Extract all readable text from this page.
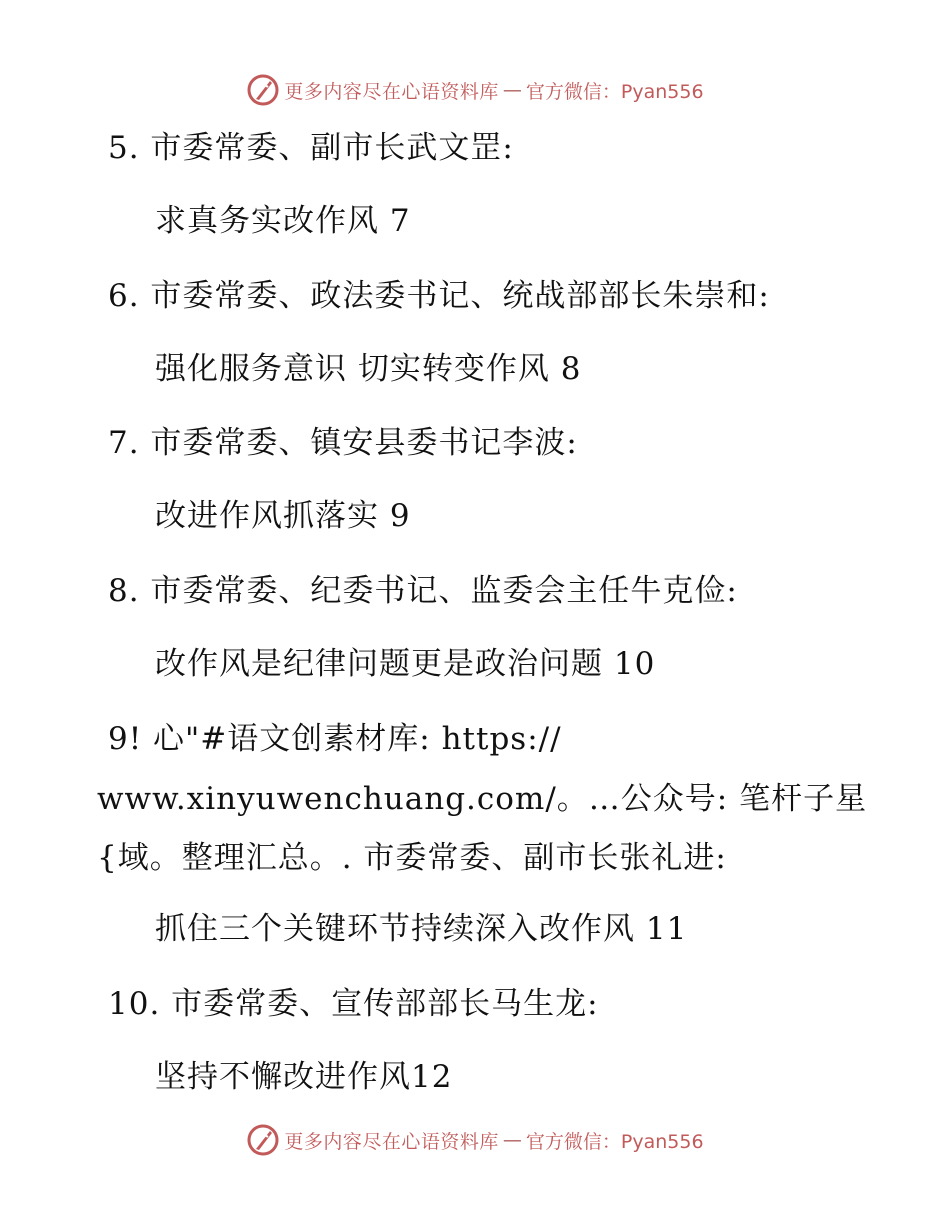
更多内容尽在心语资料库 — 官方微信：Pyan556
5. 市委常委、副市长武文罡:
求真务实改作风 7
6. 市委常委、政法委书记、统战部部长朱崇和:
强化服务意识 切实转变作风 8
7. 市委常委、镇安县委书记李波:
改进作风抓落实 9
8. 市委常委、纪委书记、监委会主任牛克俭:
改作风是纪律问题更是政治问题 10
9! 心"#语文创素材库: https://
www.xinyuwenchuang.com/。…公众号: 笔杆子星
{域。整理汇总。. 市委常委、副市长张礼进:
抓住三个关键环节持续深入改作风 11
10. 市委常委、宣传部部长马生龙:
坚持不懈改进作风12
更多内容尽在心语资料库 — 官方微信：Pyan556
